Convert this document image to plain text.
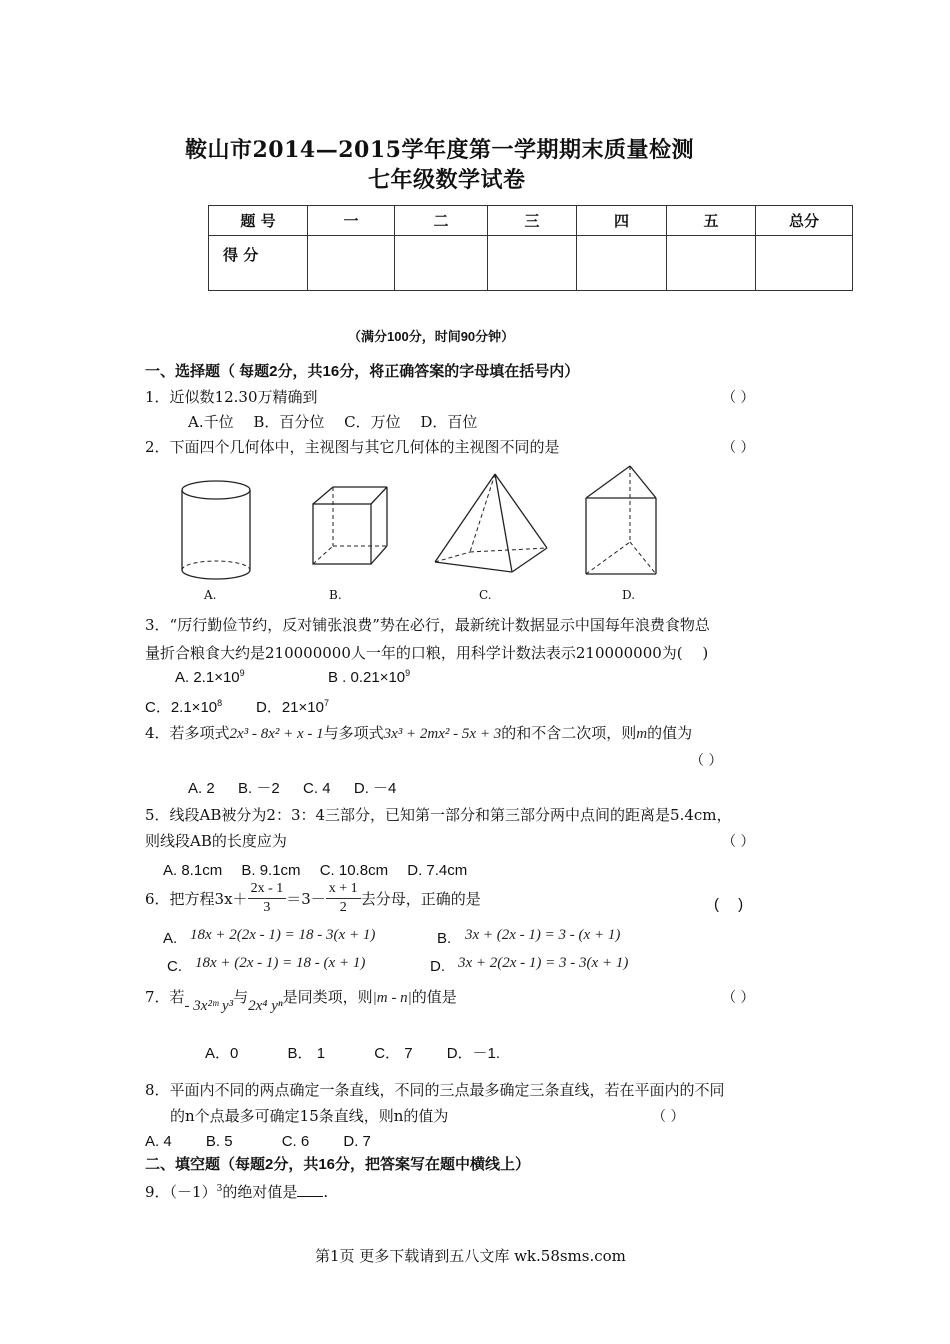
鞍山市2014—2015学年度第一学期期末质量检测
七年级数学试卷
题 号	一	二	三	四	五	总分
得 分						
（满分100分，时间90分钟）
一、选择题（ 每题2分，共16分，将正确答案的字母填在括号内）
1．近似数12.30万精确到	（ ）
A.千位　 B．百分位　 C．万位　 D．百位
2．下面四个几何体中，主视图与其它几何体的主视图不同的是	（ ）
A.	B.	C.	D.
3．“厉行勤俭节约，反对铺张浪费”势在必行，最新统计数据显示中国每年浪费食物总
量折合粮食大约是210000000人一年的口粮，用科学计数法表示210000000为(　 )
A. $2.1\times 10^9$	B . $0.21\times 10^9$
C．$2.1\times 10^8$ D．$21\times 10^7$
4．若多项式2x³ - 8x² + x - 1与多项式3x³ + 2mx² - 5x + 3的和不含二次项，则m的值为
（ ）
A. 2 　 B. －2 　 C. 4 　 D. －4
5．线段AB被分为2：3：4三部分，已知第一部分和第三部分两中点间的距离是5.4cm，
则线段AB的长度应为	（ ）
A. 8.1cm 　B. 9.1cm　 C. 10.8cm　 D. 7.4cm
6．把方程$3x+ \frac{2x - 1}{3} =3- \frac{x + 1}{2}$ 去分母，正确的是	(　 )
A. 18x + 2(2x - 1) = 18 - 3(x + 1)	B. 3x + (2x - 1) = 3 - (x + 1)
C. 18x + (2x - 1) = 18 - (x + 1)	D. 3x + 2(2x - 1) = 3 - 3(x + 1)
7．若- 3x²ᵐ y³与2x⁴ yⁿ是同类项，则|m - n|的值是	（ ）
A．0　　　 B． 1　　　 C． 7　　 D．－1.
8．平面内不同的两点确定一条直线，不同的三点最多确定三条直线，若在平面内的不同
的n个点最多可确定15条直线，则n的值为	（ ）
A. 4　　 B. 5　　　 C. 6　　 D. 7
二、填空题（每题2分，共16分，把答案写在题中横线上）
9．$(-1)^3$的绝对值是 .
第1页 更多下载请到五八文库 wk.58sms.com
